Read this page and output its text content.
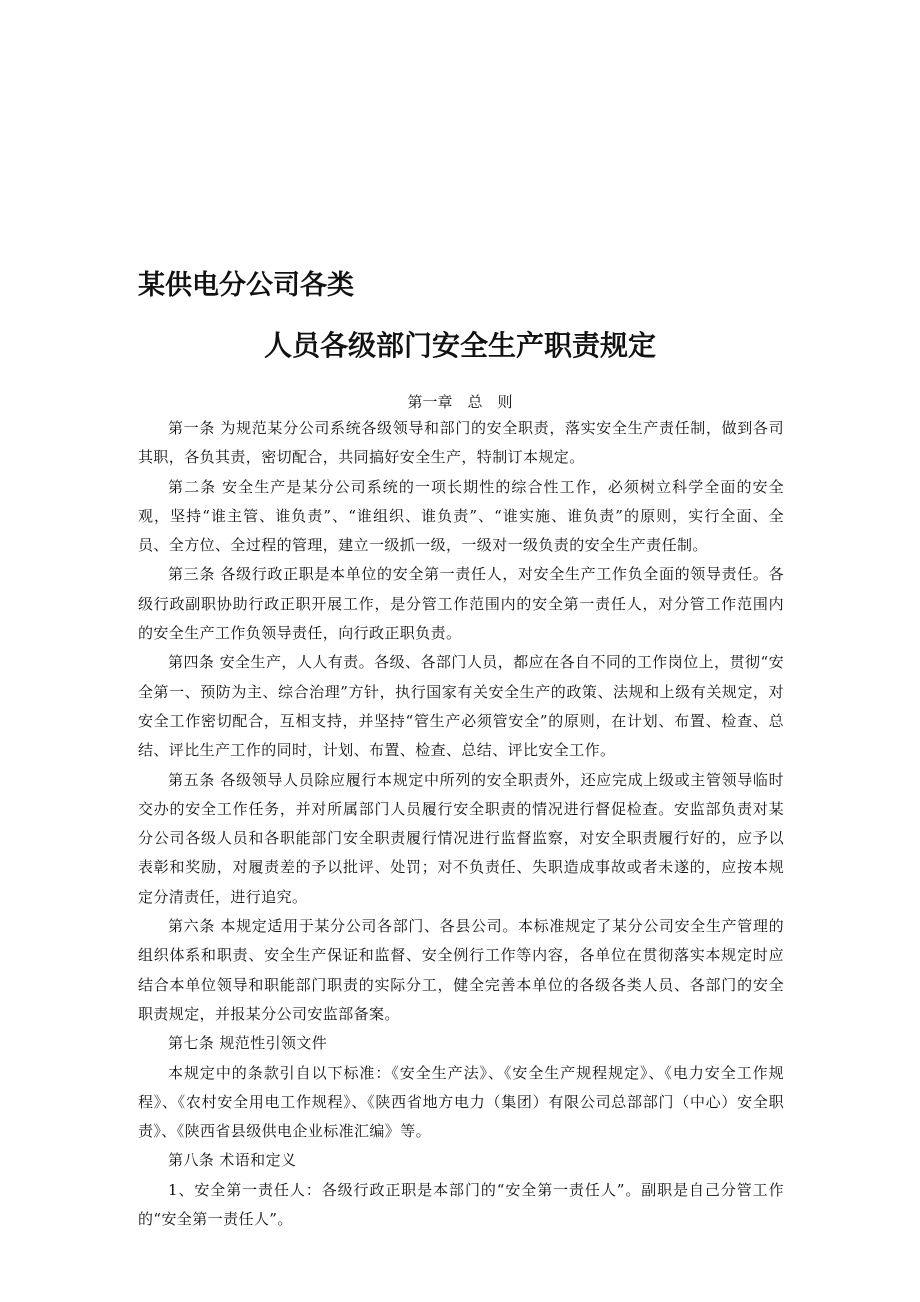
某供电分公司各类
人员各级部门安全生产职责规定
第一章　总　则

第一条 为规范某分公司系统各级领导和部门的安全职责，落实安全生产责任制，做到各司其职，各负其责，密切配合，共同搞好安全生产，特制订本规定。

第二条 安全生产是某分公司系统的一项长期性的综合性工作，必须树立科学全面的安全观，坚持“谁主管、谁负责”、“谁组织、谁负责”、“谁实施、谁负责”的原则，实行全面、全员、全方位、全过程的管理，建立一级抓一级，一级对一级负责的安全生产责任制。

第三条 各级行政正职是本单位的安全第一责任人，对安全生产工作负全面的领导责任。各级行政副职协助行政正职开展工作，是分管工作范围内的安全第一责任人，对分管工作范围内的安全生产工作负领导责任，向行政正职负责。

第四条 安全生产，人人有责。各级、各部门人员，都应在各自不同的工作岗位上，贯彻“安全第一、预防为主、综合治理”方针，执行国家有关安全生产的政策、法规和上级有关规定，对安全工作密切配合，互相支持，并坚持“管生产必须管安全”的原则，在计划、布置、检查、总结、评比生产工作的同时，计划、布置、检查、总结、评比安全工作。

第五条 各级领导人员除应履行本规定中所列的安全职责外，还应完成上级或主管领导临时交办的安全工作任务，并对所属部门人员履行安全职责的情况进行督促检查。安监部负责对某分公司各级人员和各职能部门安全职责履行情况进行监督监察，对安全职责履行好的，应予以表彰和奖励，对履责差的予以批评、处罚；对不负责任、失职造成事故或者未遂的，应按本规定分清责任，进行追究。

第六条 本规定适用于某分公司各部门、各县公司。本标准规定了某分公司安全生产管理的组织体系和职责、安全生产保证和监督、安全例行工作等内容，各单位在贯彻落实本规定时应结合本单位领导和职能部门职责的实际分工，健全完善本单位的各级各类人员、各部门的安全职责规定，并报某分公司安监部备案。

第七条 规范性引领文件

本规定中的条款引自以下标准：《安全生产法》、《安全生产规程规定》、《电力安全工作规程》、《农村安全用电工作规程》、《陕西省地方电力（集团）有限公司总部部门（中心）安全职责》、《陕西省县级供电企业标准汇编》等。

第八条 术语和定义

1、安全第一责任人：各级行政正职是本部门的“安全第一责任人”。副职是自己分管工作的“安全第一责任人”。
